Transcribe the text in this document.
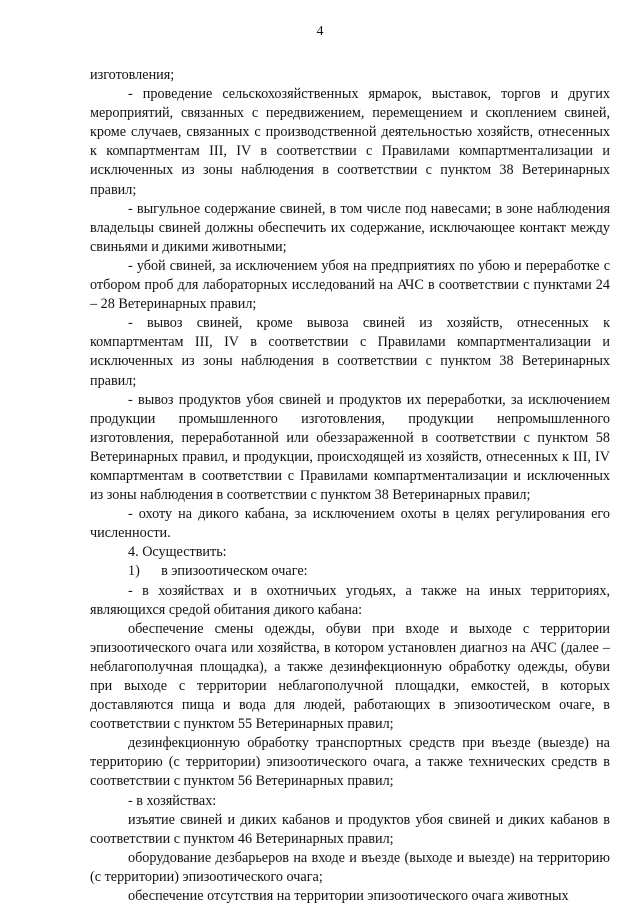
4

изготовления;

- проведение сельскохозяйственных ярмарок, выставок, торгов и других мероприятий, связанных с передвижением, перемещением и скоплением свиней, кроме случаев, связанных с производственной деятельностью хозяйств, отнесенных к компартментам III, IV в соответствии с Правилами компартментализации и исключенных из зоны наблюдения в соответствии с пунктом 38 Ветеринарных правил;

- выгульное содержание свиней, в том числе под навесами; в зоне наблюдения владельцы свиней должны обеспечить их содержание, исключающее контакт между свиньями и дикими животными;

- убой свиней, за исключением убоя на предприятиях по убою и переработке с отбором проб для лабораторных исследований на АЧС в соответствии с пунктами 24 – 28 Ветеринарных правил;

- вывоз свиней, кроме вывоза свиней из хозяйств, отнесенных к компартментам III, IV в соответствии с Правилами компартментализации и исключенных из зоны наблюдения в соответствии с пунктом 38 Ветеринарных правил;

- вывоз продуктов убоя свиней и продуктов их переработки, за исключением продукции промышленного изготовления, продукции непромышленного изготовления, переработанной или обеззараженной в соответствии с пунктом 58 Ветеринарных правил, и продукции, происходящей из хозяйств, отнесенных к III, IV компартментам в соответствии с Правилами компартментализации и исключенных из зоны наблюдения в соответствии с пунктом 38 Ветеринарных правил;

- охоту на дикого кабана, за исключением охоты в целях регулирования его численности.

4. Осуществить:

1)      в эпизоотическом очаге:

- в хозяйствах и в охотничьих угодьях, а также на иных территориях, являющихся средой обитания дикого кабана:

обеспечение смены одежды, обуви при входе и выходе с территории эпизоотического очага или хозяйства, в котором установлен диагноз на АЧС (далее – неблагополучная площадка), а также дезинфекционную обработку одежды, обуви при выходе с территории неблагополучной площадки, емкостей, в которых доставляются пища и вода для людей, работающих в эпизоотическом очаге, в соответствии с пунктом 55 Ветеринарных правил;

дезинфекционную обработку транспортных средств при въезде (выезде) на территорию (с территории) эпизоотического очага, а также технических средств в соответствии с пунктом 56 Ветеринарных правил;

- в хозяйствах:

изъятие свиней и диких кабанов и продуктов убоя свиней и диких кабанов в соответствии с пунктом 46 Ветеринарных правил;

оборудование дезбарьеров на входе и въезде (выходе и выезде) на территорию (с территории) эпизоотического очага;

обеспечение отсутствия на территории эпизоотического очага животных
